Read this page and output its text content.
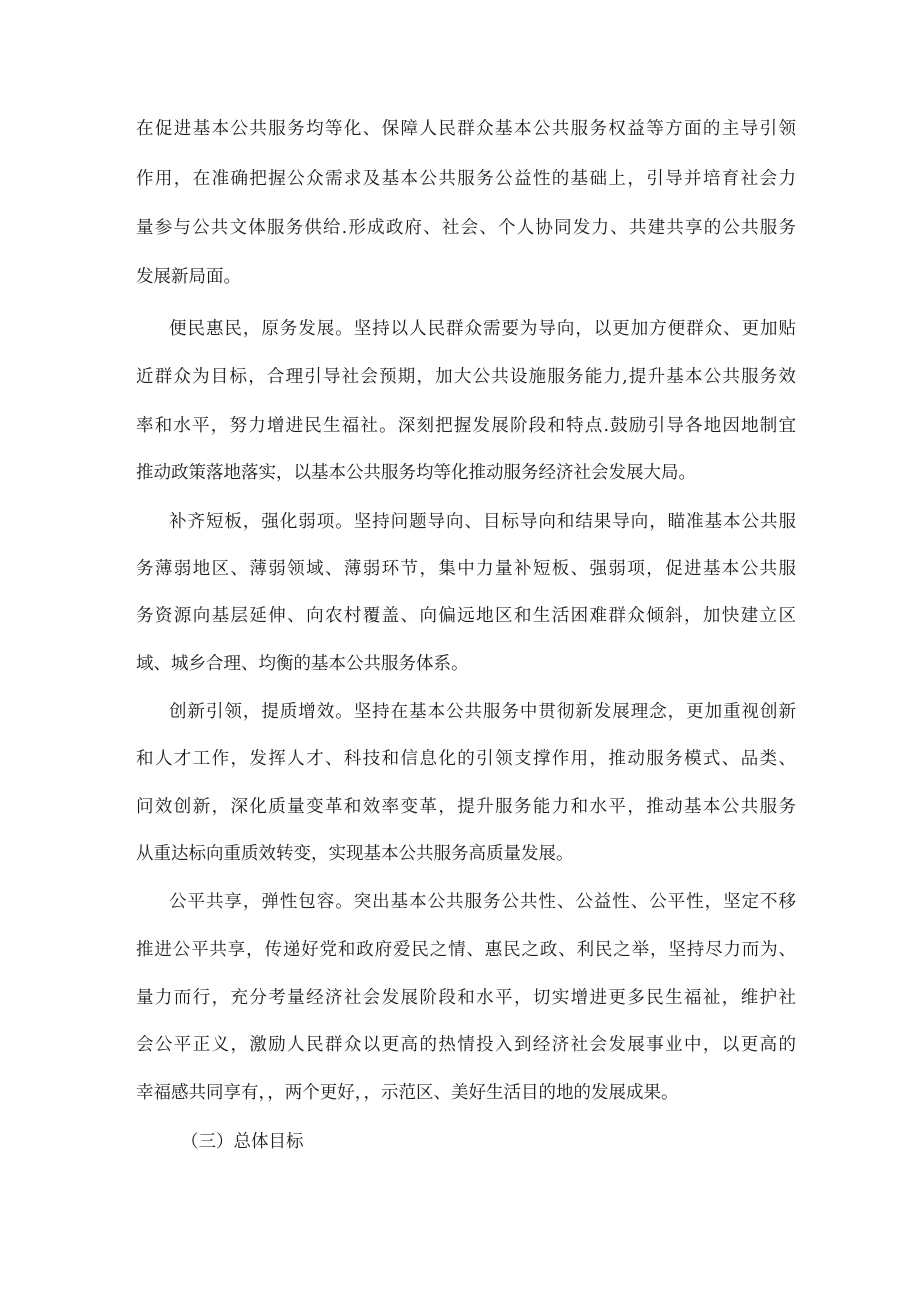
在促进基本公共服务均等化、保障人民群众基本公共服务权益等方面的主导引领
作用，在准确把握公众需求及基本公共服务公益性的基础上，引导并培育社会力
量参与公共文体服务供给.形成政府、社会、个人协同发力、共建共享的公共服务
发展新局面。
便民惠民，原务发展。坚持以人民群众需要为导向，以更加方便群众、更加贴
近群众为目标，合理引导社会预期，加大公共设施服务能力,提升基本公共服务效
率和水平，努力增进民生福社。深刻把握发展阶段和特点.鼓励引导各地因地制宜
推动政策落地落实，以基本公共服务均等化推动服务经济社会发展大局。
补齐短板，强化弱项。坚持问题导向、目标导向和结果导向，瞄准基本公共服
务薄弱地区、薄弱领域、薄弱环节，集中力量补短板、强弱项，促进基本公共服
务资源向基层延伸、向农村覆盖、向偏远地区和生活困难群众倾斜，加快建立区
域、城乡合理、均衡的基本公共服务体系。
创新引领，提质增效。坚持在基本公共服务中贯彻新发展理念，更加重视创新
和人才工作，发挥人才、科技和信息化的引领支撑作用，推动服务模式、品类、
问效创新，深化质量变革和效率变革，提升服务能力和水平，推动基本公共服务
从重达标向重质效转变，实现基本公共服务高质量发展。
公平共享，弹性包容。突出基本公共服务公共性、公益性、公平性，坚定不移
推进公平共享，传递好党和政府爱民之情、惠民之政、利民之举，坚持尽力而为、
量力而行，充分考量经济社会发展阶段和水平，切实增进更多民生福祉，维护社
会公平正义，激励人民群众以更高的热情投入到经济社会发展事业中，以更高的
幸福感共同享有，，两个更好，，示范区、美好生活目的地的发展成果。
（三）总体目标
